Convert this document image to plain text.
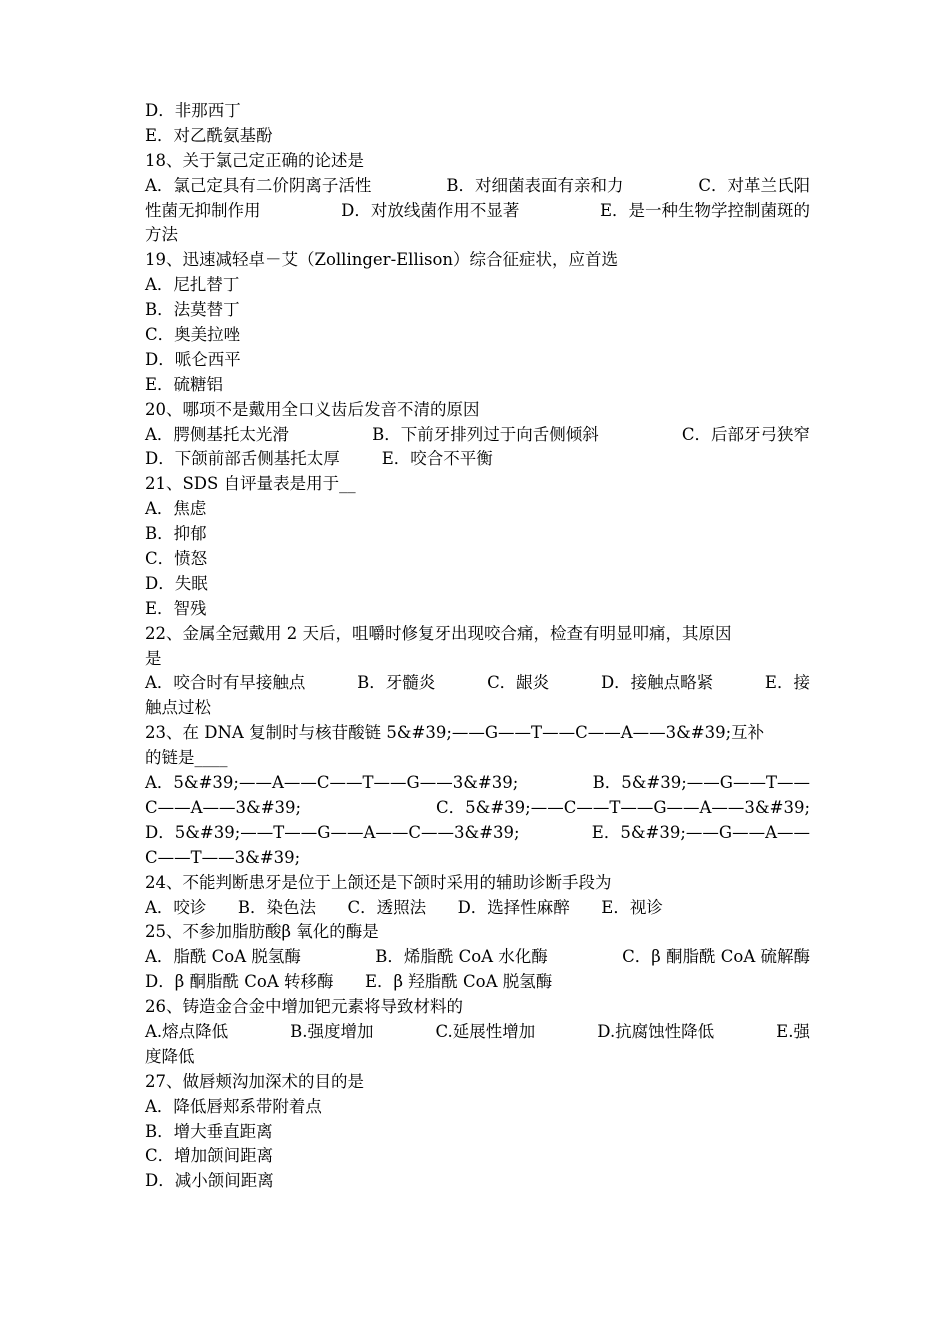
D．非那西丁
E．对乙酰氨基酚
18、关于氯己定正确的论述是
A．氯己定具有二价阴离子活性	B．对细菌表面有亲和力	C．对革兰氏阳
性菌无抑制作用	D．对放线菌作用不显著	E．是一种生物学控制菌斑的
方法
19、迅速减轻卓－艾（Zollinger-Ellison）综合征症状，应首选
A．尼扎替丁
B．法莫替丁
C．奥美拉唑
D．哌仑西平
E．硫糖铝
20、哪项不是戴用全口义齿后发音不清的原因
A．腭侧基托太光滑	B．下前牙排列过于向舌侧倾斜	C．后部牙弓狭窄
D．下颌前部舌侧基托太厚        E．咬合不平衡
21、SDS 自评量表是用于__
A．焦虑
B．抑郁
C．愤怒
D．失眠
E．智残
22、金属全冠戴用 2 天后，咀嚼时修复牙出现咬合痛，检查有明显叩痛，其原因
是
A．咬合时有早接触点	B．牙髓炎	C．龈炎	D．接触点略紧	E．接
触点过松
23、在 DNA 复制时与核苷酸链 5&#39;——G——T——C——A——3&#39;互补
的链是____
A．5&#39;——A——C——T——G——3&#39;	B．5&#39;——G——T——
C——A——3&#39;	C．5&#39;——C——T——G——A——3&#39;
D．5&#39;——T——G——A——C——3&#39;	E．5&#39;——G——A——
C——T——3&#39;
24、不能判断患牙是位于上颌还是下颌时采用的辅助诊断手段为
A．咬诊      B．染色法      C．透照法      D．选择性麻醉      E．视诊
25、不参加脂肪酸β 氧化的酶是
A．脂酰 CoA 脱氢酶	B．烯脂酰 CoA 水化酶	C．β 酮脂酰 CoA 硫解酶
D．β 酮脂酰 CoA 转移酶      E．β 羟脂酰 CoA 脱氢酶
26、铸造金合金中增加钯元素将导致材料的
A.熔点降低	B.强度增加	C.延展性增加	D.抗腐蚀性降低	E.强
度降低
27、做唇颊沟加深术的目的是
A．降低唇郏系带附着点
B．增大垂直距离
C．增加颌间距离
D．减小颌间距离
